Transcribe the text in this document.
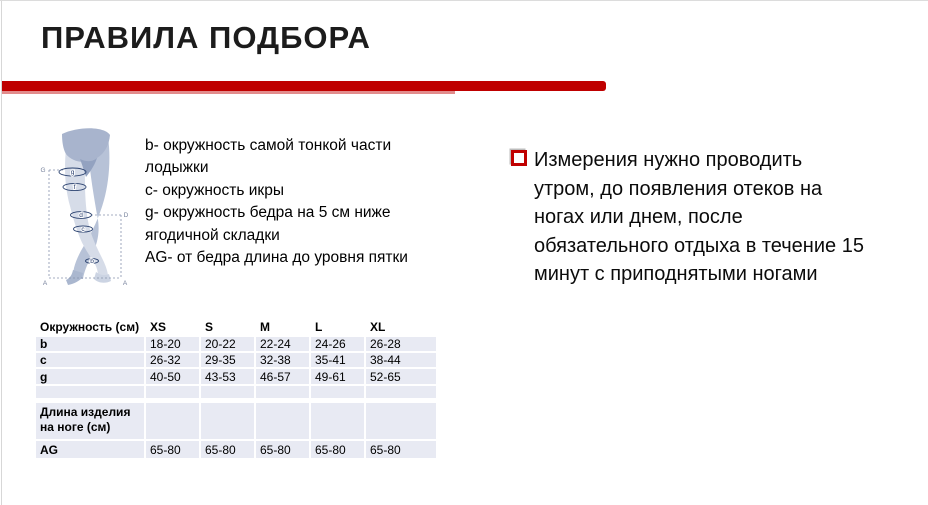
ПРАВИЛА ПОДБОРА
g
f
d
c
b
G
D
A	A
b- окружность самой тонкой части
лодыжки
c- окружность икры
g- окружность бедра на 5 см ниже
ягодичной складки
AG- от бедра длина до уровня пятки
Измерения нужно проводить
утром, до появления отеков на
ногах или днем, после
обязательного отдыха в течение 15
минут с приподнятыми ногами
Окружность (см) XS	S	M	L	XL
b	18-20	20-22	22-24	24-26	26-28
c	26-32	29-35	32-38	35-41	38-44
g	40-50	43-53	46-57	49-61	52-65
Длина изделия на ноге (см)
AG	65-80	65-80	65-80	65-80	65-80
